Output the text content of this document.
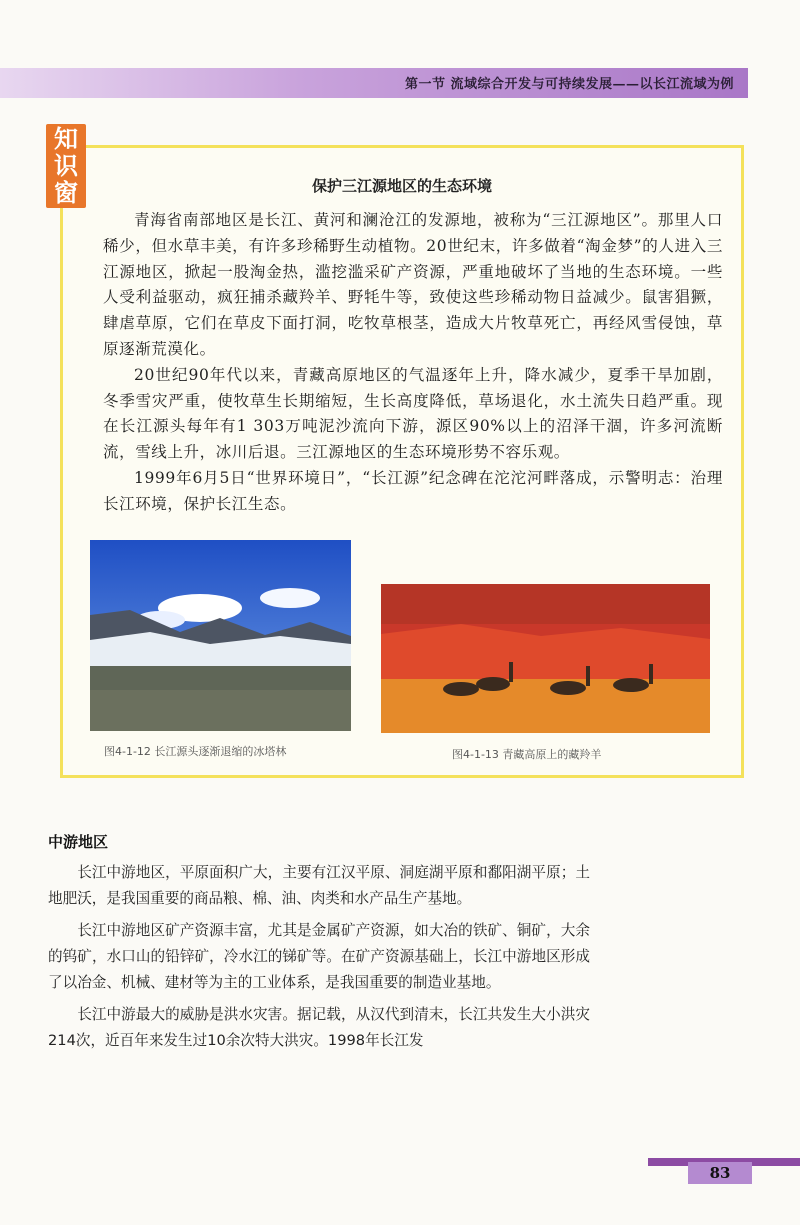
第一节 流域综合开发与可持续发展——以长江流域为例
知识窗	保护三江源地区的生态环境

青海省南部地区是长江、黄河和澜沧江的发源地，被称为“三江源地区”。那里人口稀少，但水草丰美，有许多珍稀野生动植物。20世纪末，许多做着“淘金梦”的人进入三江源地区，掀起一股淘金热，滥挖滥采矿产资源，严重地破坏了当地的生态环境。一些人受利益驱动，疯狂捕杀藏羚羊、野牦牛等，致使这些珍稀动物日益减少。鼠害猖獗，肆虐草原，它们在草皮下面打洞，吃牧草根茎，造成大片牧草死亡，再经风雪侵蚀，草原逐渐荒漠化。

20世纪90年代以来，青藏高原地区的气温逐年上升，降水减少，夏季干旱加剧，冬季雪灾严重，使牧草生长期缩短，生长高度降低，草场退化，水土流失日趋严重。现在长江源头每年有1 303万吨泥沙流向下游，源区90%以上的沼泽干涸，许多河流断流，雪线上升，冰川后退。三江源地区的生态环境形势不容乐观。

1999年6月5日“世界环境日”，“长江源”纪念碑在沱沱河畔落成，示警明志：治理长江环境，保护长江生态。

图4-1-12 长江源头逐渐退缩的冰塔林	图4-1-13 青藏高原上的藏羚羊
中游地区

长江中游地区，平原面积广大，主要有江汉平原、洞庭湖平原和鄱阳湖平原；土地肥沃，是我国重要的商品粮、棉、油、肉类和水产品生产基地。

长江中游地区矿产资源丰富，尤其是金属矿产资源，如大冶的铁矿、铜矿，大余的钨矿，水口山的铅锌矿，冷水江的锑矿等。在矿产资源基础上，长江中游地区形成了以冶金、机械、建材等为主的工业体系，是我国重要的制造业基地。

长江中游最大的威胁是洪水灾害。据记载，从汉代到清末，长江共发生大小洪灾214次，近百年来发生过10余次特大洪灾。1998年长江发

83
